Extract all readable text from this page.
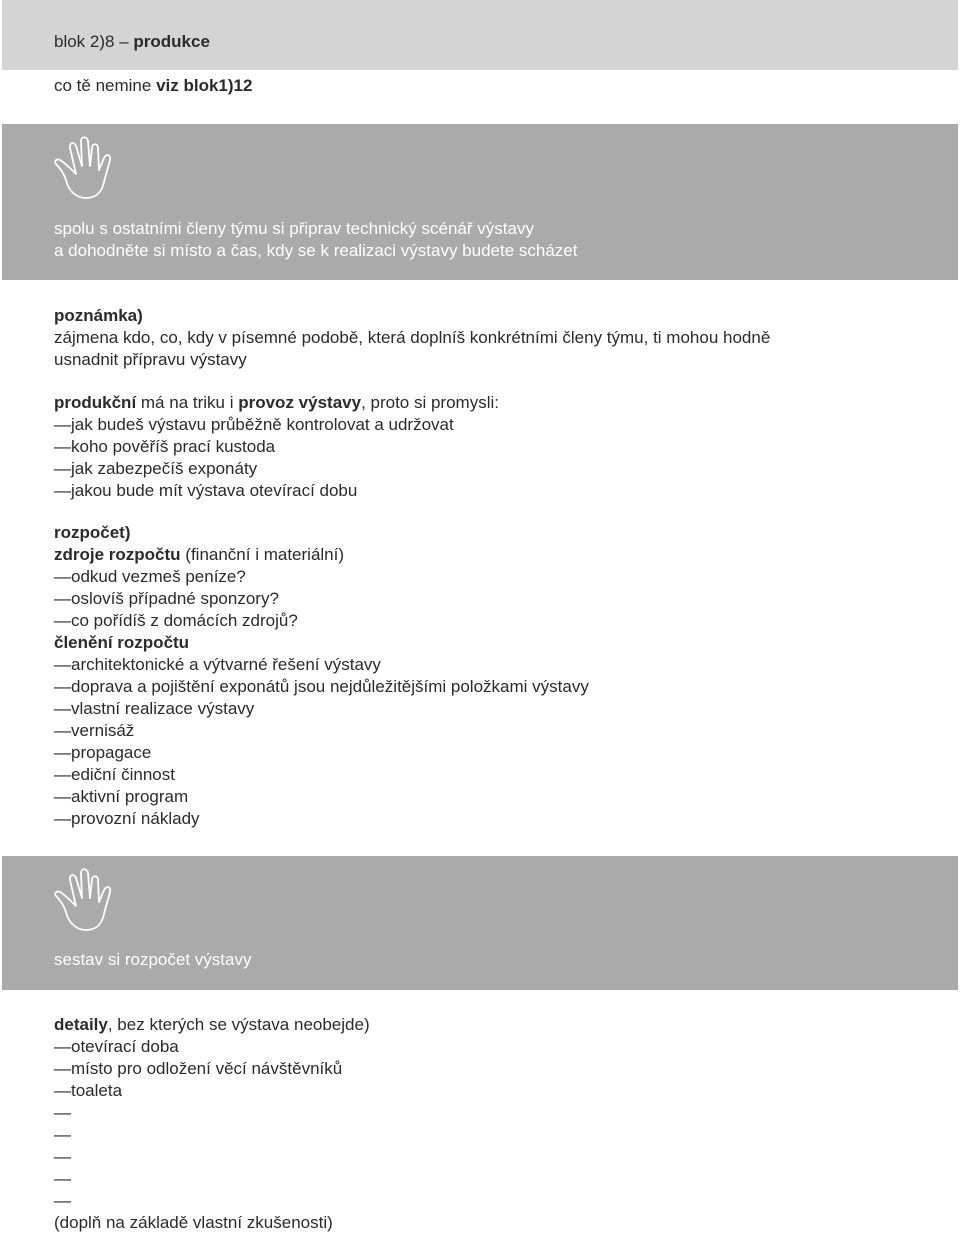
blok 2)8 – produkce
co tě nemine viz blok1)12
spolu s ostatními členy týmu si připrav technický scénář výstavy
a dohodněte si místo a čas, kdy se k realizaci výstavy budete scházet
poznámka)
zájmena kdo, co, kdy v písemné podobě, která doplníš konkrétními členy týmu, ti mohou hodně
usnadnit přípravu výstavy
produkční má na triku i provoz výstavy, proto si promysli:
—jak budeš výstavu průběžně kontrolovat a udržovat
—koho pověříš prací kustoda
—jak zabezpečíš exponáty
—jakou bude mít výstava otevírací dobu
rozpočet)
zdroje rozpočtu (finanční i materiální)
—odkud vezmeš peníze?
—oslovíš případné sponzory?
—co pořídíš z domácích zdrojů?
členění rozpočtu
—architektonické a výtvarné řešení výstavy
—doprava a pojištění exponátů jsou nejdůležitějšími položkami výstavy
—vlastní realizace výstavy
—vernisáž
—propagace
—ediční činnost
—aktivní program
—provozní náklady
sestav si rozpočet výstavy
detaily, bez kterých se výstava neobejde)
—otevírací doba
—místo pro odložení věcí návštěvníků
—toaleta
—
—
—
—
—
(doplň na základě vlastní zkušenosti)
